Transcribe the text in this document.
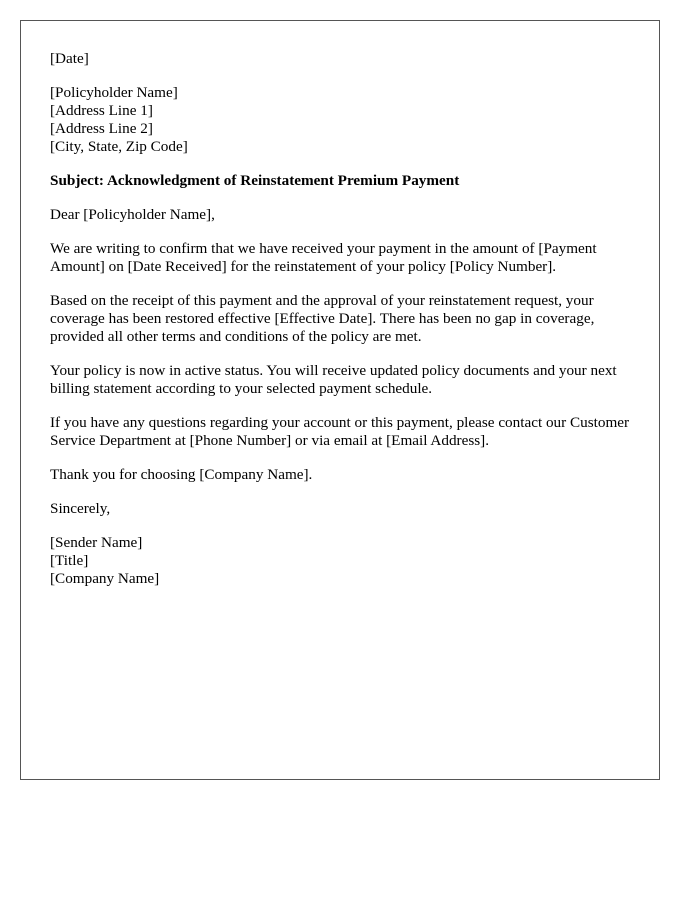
[Date]

[Policyholder Name]
[Address Line 1]
[Address Line 2]
[City, State, Zip Code]

Subject: Acknowledgment of Reinstatement Premium Payment

Dear [Policyholder Name],

We are writing to confirm that we have received your payment in the amount of [Payment Amount] on [Date Received] for the reinstatement of your policy [Policy Number].

Based on the receipt of this payment and the approval of your reinstatement request, your coverage has been restored effective [Effective Date]. There has been no gap in coverage, provided all other terms and conditions of the policy are met.

Your policy is now in active status. You will receive updated policy documents and your next billing statement according to your selected payment schedule.

If you have any questions regarding your account or this payment, please contact our Customer Service Department at [Phone Number] or via email at [Email Address].

Thank you for choosing [Company Name].

Sincerely,

[Sender Name]
[Title]
[Company Name]
